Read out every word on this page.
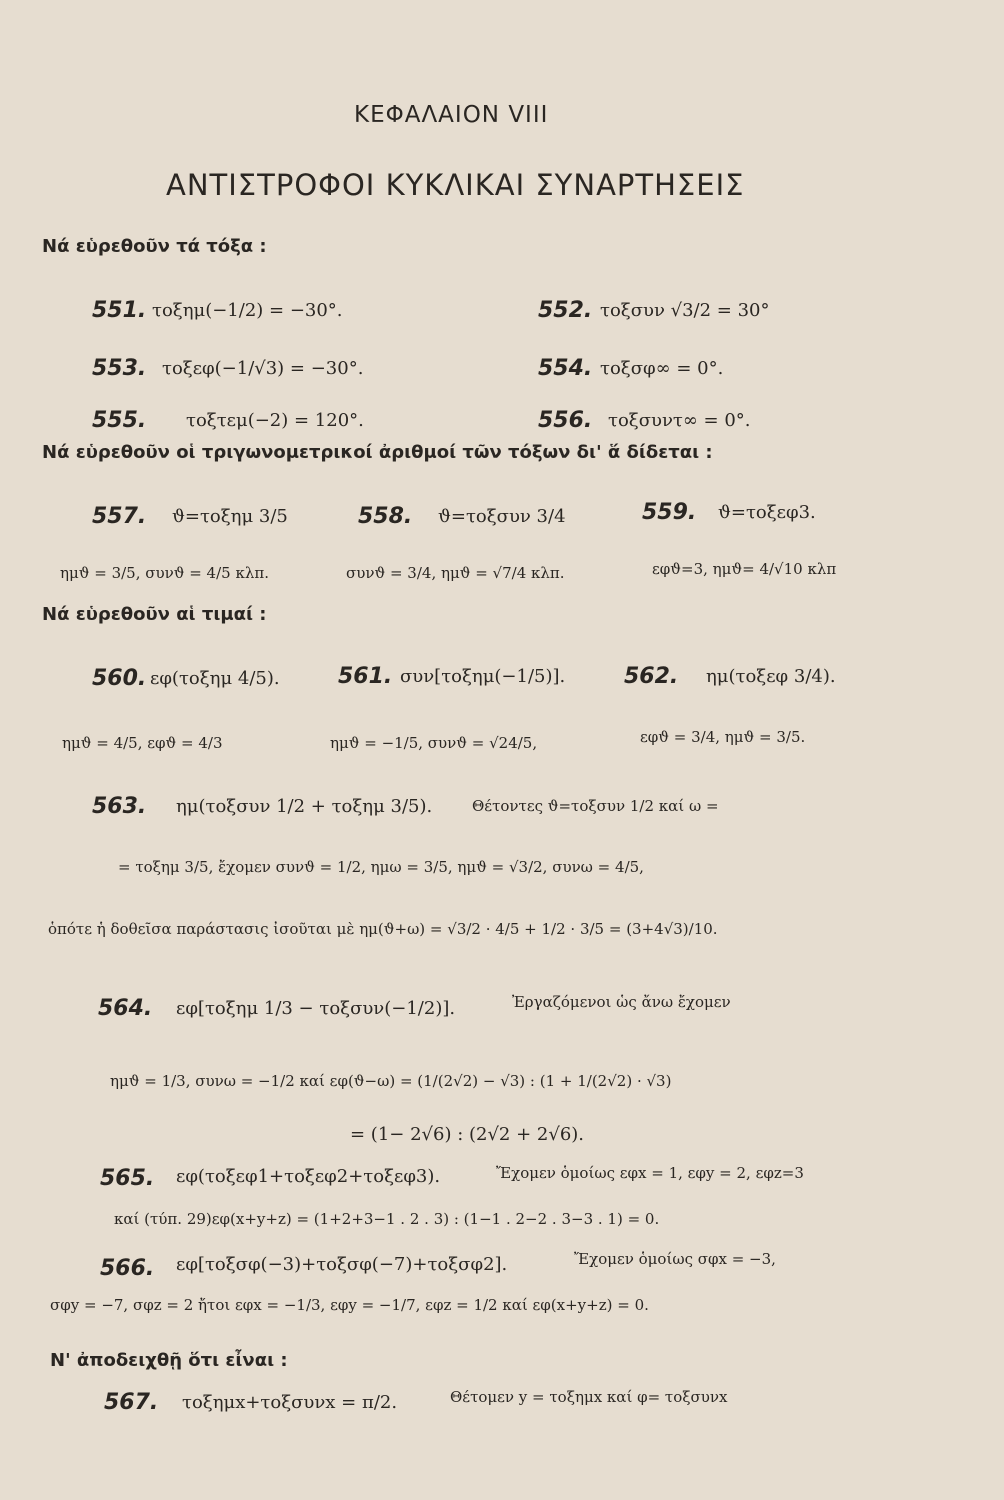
ΚΕΦΑΛΑΙΟΝ VIII
ΑΝΤΙΣΤΡΟΦΟΙ ΚΥΚΛΙΚΑΙ ΣΥΝΑΡΤΗΣΕΙΣ
Νά εὑρεθοῦν τά τόξα :
551. τοξημ(−1/2) = −30°.	552. τοξσυν √3/2 = 30°
553. τοξεφ(−1/√3) = −30°.	554. τοξσφ∞ = 0°.
555. τοξτεμ(−2) = 120°.	556. τοξσυντ∞ = 0°.
Νά εὑρεθοῦν οἱ τριγωνομετρικοί ἀριθμοί τῶν τόξων δι' ἅ δίδεται :
557. ϑ=τοξημ 3/5	558. ϑ=τοξσυν 3/4	559. ϑ=τοξεφ3.
ημϑ = 3/5, συνϑ = 4/5 κλπ.	συνϑ = 3/4, ημϑ = √7/4 κλπ.	εφϑ=3, ημϑ= 4/√10 κλπ
Νά εὑρεθοῦν αἱ τιμαί :
560. εφ(τοξημ 4/5).	561. συν[τοξημ(−1/5)].	562. ημ(τοξεφ 3/4).
ημϑ = 4/5, εφϑ = 4/3	ημϑ = −1/5, συνϑ = √24/5,	εφϑ = 3/4, ημϑ = 3/5.
563. ημ(τοξσυν 1/2 + τοξημ 3/5).	Θέτοντες ϑ=τοξσυν 1/2 καί ω =
= τοξημ 3/5, ἔχομεν συνϑ = 1/2, ημω = 3/5, ημϑ = √3/2, συνω = 4/5,
ὁπότε ἡ δοθεῖσα παράστασις ἰσοῦται μὲ ημ(ϑ+ω) = √3/2 · 4/5 + 1/2 · 3/5 = (3+4√3)/10.
564. εφ[τοξημ 1/3 − τοξσυν(−1/2)].	Ἐργαζόμενοι ὡς ἄνω ἔχομεν
ημϑ = 1/3, συνω = −1/2 καί εφ(ϑ−ω) = (1/(2√2) − √3) : (1 + 1/(2√2) · √3)
= (1− 2√6) : (2√2 + 2√6).
565. εφ(τοξεφ1+τοξεφ2+τοξεφ3).	Ἔχομεν ὁμοίως εφx = 1, εφy = 2, εφz=3
καί (τύπ. 29)εφ(x+y+z) = (1+2+3−1 . 2 . 3) : (1−1 . 2−2 . 3−3 . 1) = 0.
566. εφ[τοξσφ(−3)+τοξσφ(−7)+τοξσφ2].	Ἔχομεν ὁμοίως σφx = −3,
σφy = −7, σφz = 2 ἤτοι εφx = −1/3, εφy = −1/7, εφz = 1/2 καί εφ(x+y+z) = 0.
Ν' ἀποδειχθῇ ὅτι εἶναι :
567. τοξημx+τοξσυνx = π/2.	Θέτομεν y = τοξημx καί φ= τοξσυνx
